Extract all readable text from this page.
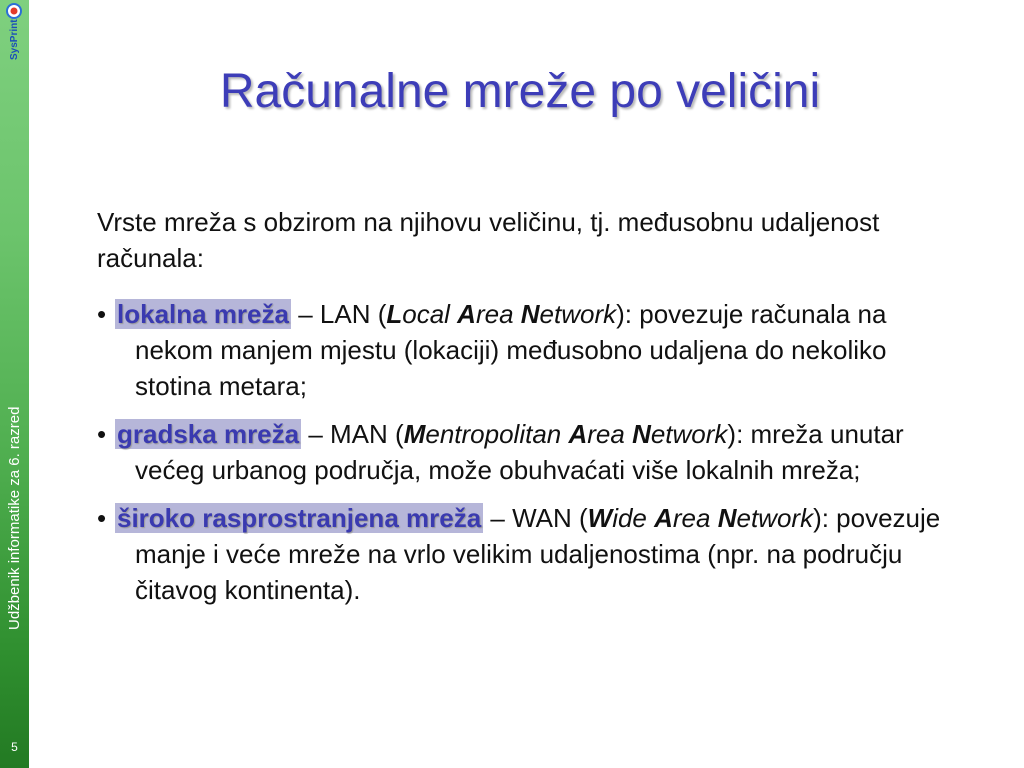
SysPrint
Udžbenik informatike za 6. razred
5
Računalne mreže po veličini

Vrste mreža s obzirom na njihovu veličinu, tj. međusobnu udaljenost računala:

• lokalna mreža – LAN (Local Area Network): povezuje računala na nekom manjem mjestu (lokaciji) međusobno udaljena do nekoliko stotina metara;

• gradska mreža – MAN (Mentropolitan Area Network): mreža unutar većeg urbanog područja, može obuhvaćati više lokalnih mreža;

• široko rasprostranjena mreža – WAN (Wide Area Network): povezuje manje i veće mreže na vrlo velikim udaljenostima (npr. na području čitavog kontinenta).
